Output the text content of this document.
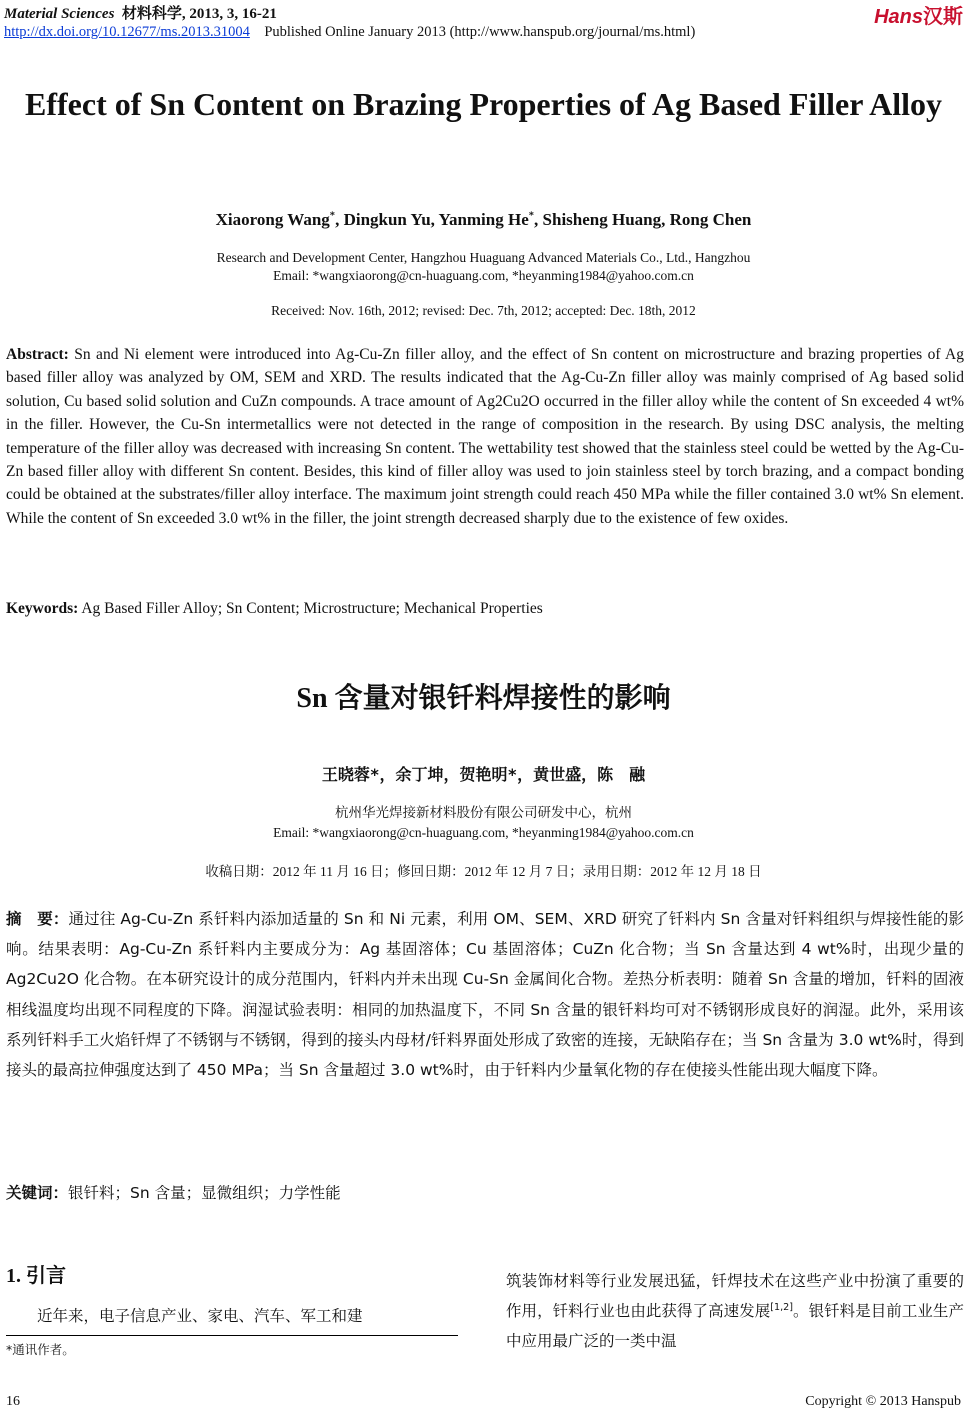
Material Sciences 材料科学, 2013, 3, 16-21
http://dx.doi.org/10.12677/ms.2013.31004 Published Online January 2013 (http://www.hanspub.org/journal/ms.html)
Hans汉斯
Effect of Sn Content on Brazing Properties of Ag Based Filler Alloy
Xiaorong Wang*, Dingkun Yu, Yanming He*, Shisheng Huang, Rong Chen
Research and Development Center, Hangzhou Huaguang Advanced Materials Co., Ltd., Hangzhou
Email: *wangxiaorong@cn-huaguang.com, *heyanming1984@yahoo.com.cn
Received: Nov. 16th, 2012; revised: Dec. 7th, 2012; accepted: Dec. 18th, 2012
Abstract: Sn and Ni element were introduced into Ag-Cu-Zn filler alloy, and the effect of Sn content on microstructure and brazing properties of Ag based filler alloy was analyzed by OM, SEM and XRD. The results indicated that the Ag-Cu-Zn filler alloy was mainly comprised of Ag based solid solution, Cu based solid solution and CuZn compounds. A trace amount of Ag2Cu2O occurred in the filler alloy while the content of Sn exceeded 4 wt% in the filler. However, the Cu-Sn intermetallics were not detected in the range of composition in the research. By using DSC analysis, the melting temperature of the filler alloy was decreased with increasing Sn content. The wettability test showed that the stainless steel could be wetted by the Ag-Cu-Zn based filler alloy with different Sn content. Besides, this kind of filler alloy was used to join stainless steel by torch brazing, and a compact bonding could be obtained at the substrates/filler alloy interface. The maximum joint strength could reach 450 MPa while the filler contained 3.0 wt% Sn element. While the content of Sn exceeded 3.0 wt% in the filler, the joint strength decreased sharply due to the existence of few oxides.
Keywords: Ag Based Filler Alloy; Sn Content; Microstructure; Mechanical Properties
Sn 含量对银钎料焊接性的影响
王晓蓉*，余丁坤，贺艳明*，黄世盛，陈　融
杭州华光焊接新材料股份有限公司研发中心，杭州
Email: *wangxiaorong@cn-huaguang.com, *heyanming1984@yahoo.com.cn
收稿日期：2012 年 11 月 16 日；修回日期：2012 年 12 月 7 日；录用日期：2012 年 12 月 18 日
摘　要：通过往 Ag-Cu-Zn 系钎料内添加适量的 Sn 和 Ni 元素，利用 OM、SEM、XRD 研究了钎料内 Sn 含量对钎料组织与焊接性能的影响。结果表明：Ag-Cu-Zn 系钎料内主要成分为：Ag 基固溶体；Cu 基固溶体；CuZn 化合物；当 Sn 含量达到 4 wt%时，出现少量的 Ag2Cu2O 化合物。在本研究设计的成分范围内，钎料内并未出现 Cu-Sn 金属间化合物。差热分析表明：随着 Sn 含量的增加，钎料的固液相线温度均出现不同程度的下降。润湿试验表明：相同的加热温度下，不同 Sn 含量的银钎料均可对不锈钢形成良好的润湿。此外，采用该系列钎料手工火焰钎焊了不锈钢与不锈钢，得到的接头内母材/钎料界面处形成了致密的连接，无缺陷存在；当 Sn 含量为 3.0 wt%时，得到接头的最高拉伸强度达到了 450 MPa；当 Sn 含量超过 3.0 wt%时，由于钎料内少量氧化物的存在使接头性能出现大幅度下降。
关键词：银钎料；Sn 含量；显微组织；力学性能
1. 引言

近年来，电子信息产业、家电、汽车、军工和建

筑装饰材料等行业发展迅猛，钎焊技术在这些产业中扮演了重要的作用，钎料行业也由此获得了高速发展[1,2]。银钎料是目前工业生产中应用最广泛的一类中温
*通讯作者。
16	Copyright © 2013 Hanspub
